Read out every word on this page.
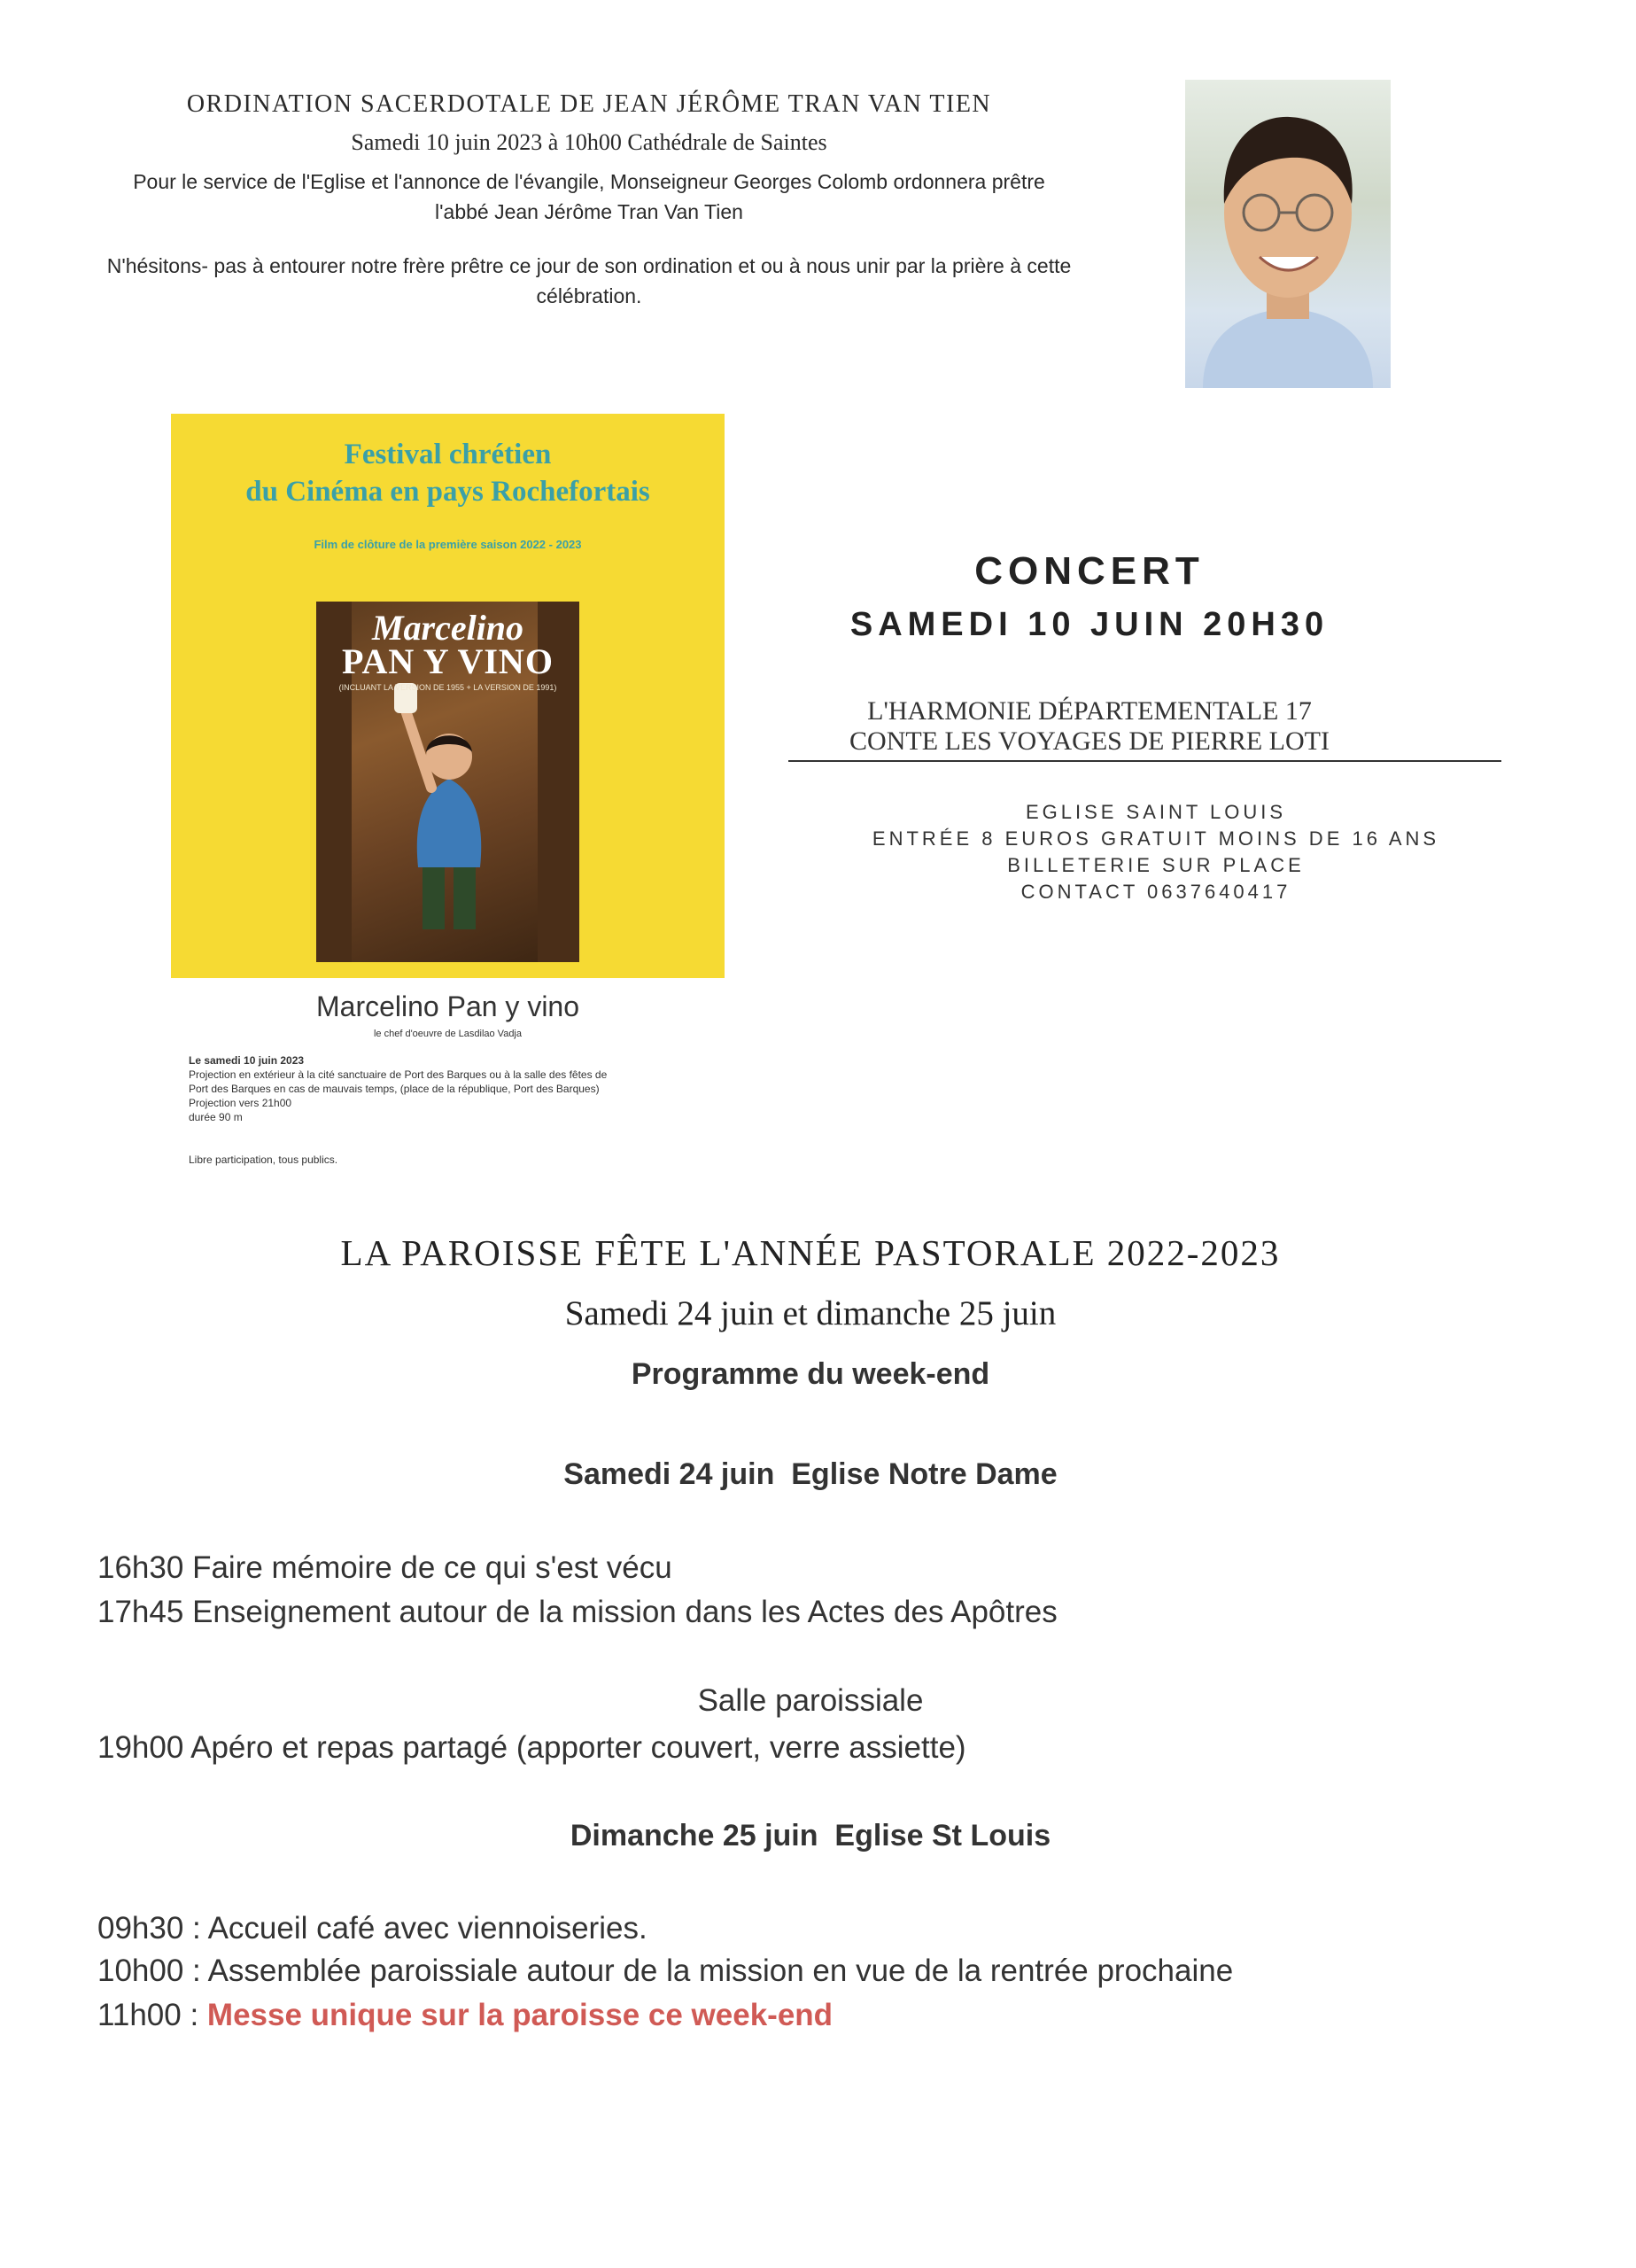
ORDINATION SACERDOTALE DE JEAN JÉRÔME TRAN VAN TIEN
Samedi 10 juin 2023 à 10h00 Cathédrale de Saintes
Pour le service de l'Eglise et l'annonce de l'évangile, Monseigneur Georges Colomb ordonnera prêtre
l'abbé Jean Jérôme Tran Van Tien
N'hésitons- pas à entourer notre frère prêtre ce jour de son ordination et ou à nous unir par la prière à cette
célébration.
Festival chrétien
du Cinéma en pays Rochefortais
Film de clôture de la première saison 2022 - 2023
Marcelino
PAN Y VINO
(INCLUANT LA VERSION DE 1955 + LA VERSION DE 1991)
Marcelino Pan y vino
le chef d'oeuvre de Lasdilao Vadja
Le samedi 10 juin 2023
Projection en extérieur à la cité sanctuaire de Port des Barques ou à la salle des fêtes de
Port des Barques en cas de mauvais temps, (place de la république, Port des Barques)
Projection vers 21h00
durée 90 m
Libre participation, tous publics.
CONCERT
SAMEDI 10 JUIN 20H30
L'HARMONIE DÉPARTEMENTALE 17
CONTE LES VOYAGES DE PIERRE LOTI
EGLISE SAINT LOUIS
ENTRÉE 8 EUROS GRATUIT MOINS DE 16 ANS
BILLETERIE SUR PLACE
CONTACT 0637640417
LA PAROISSE FÊTE L'ANNÉE PASTORALE 2022-2023
Samedi 24 juin et dimanche 25 juin
Programme du week-end
Samedi 24 juin  Eglise Notre Dame
16h30 Faire mémoire de ce qui s'est vécu
17h45 Enseignement autour de la mission dans les Actes des Apôtres
Salle paroissiale
19h00 Apéro et repas partagé (apporter couvert, verre assiette)
Dimanche 25 juin  Eglise St Louis
09h30 : Accueil café avec viennoiseries.
10h00 : Assemblée paroissiale autour de la mission en vue de la rentrée prochaine
11h00 : Messe unique sur la paroisse ce week-end
